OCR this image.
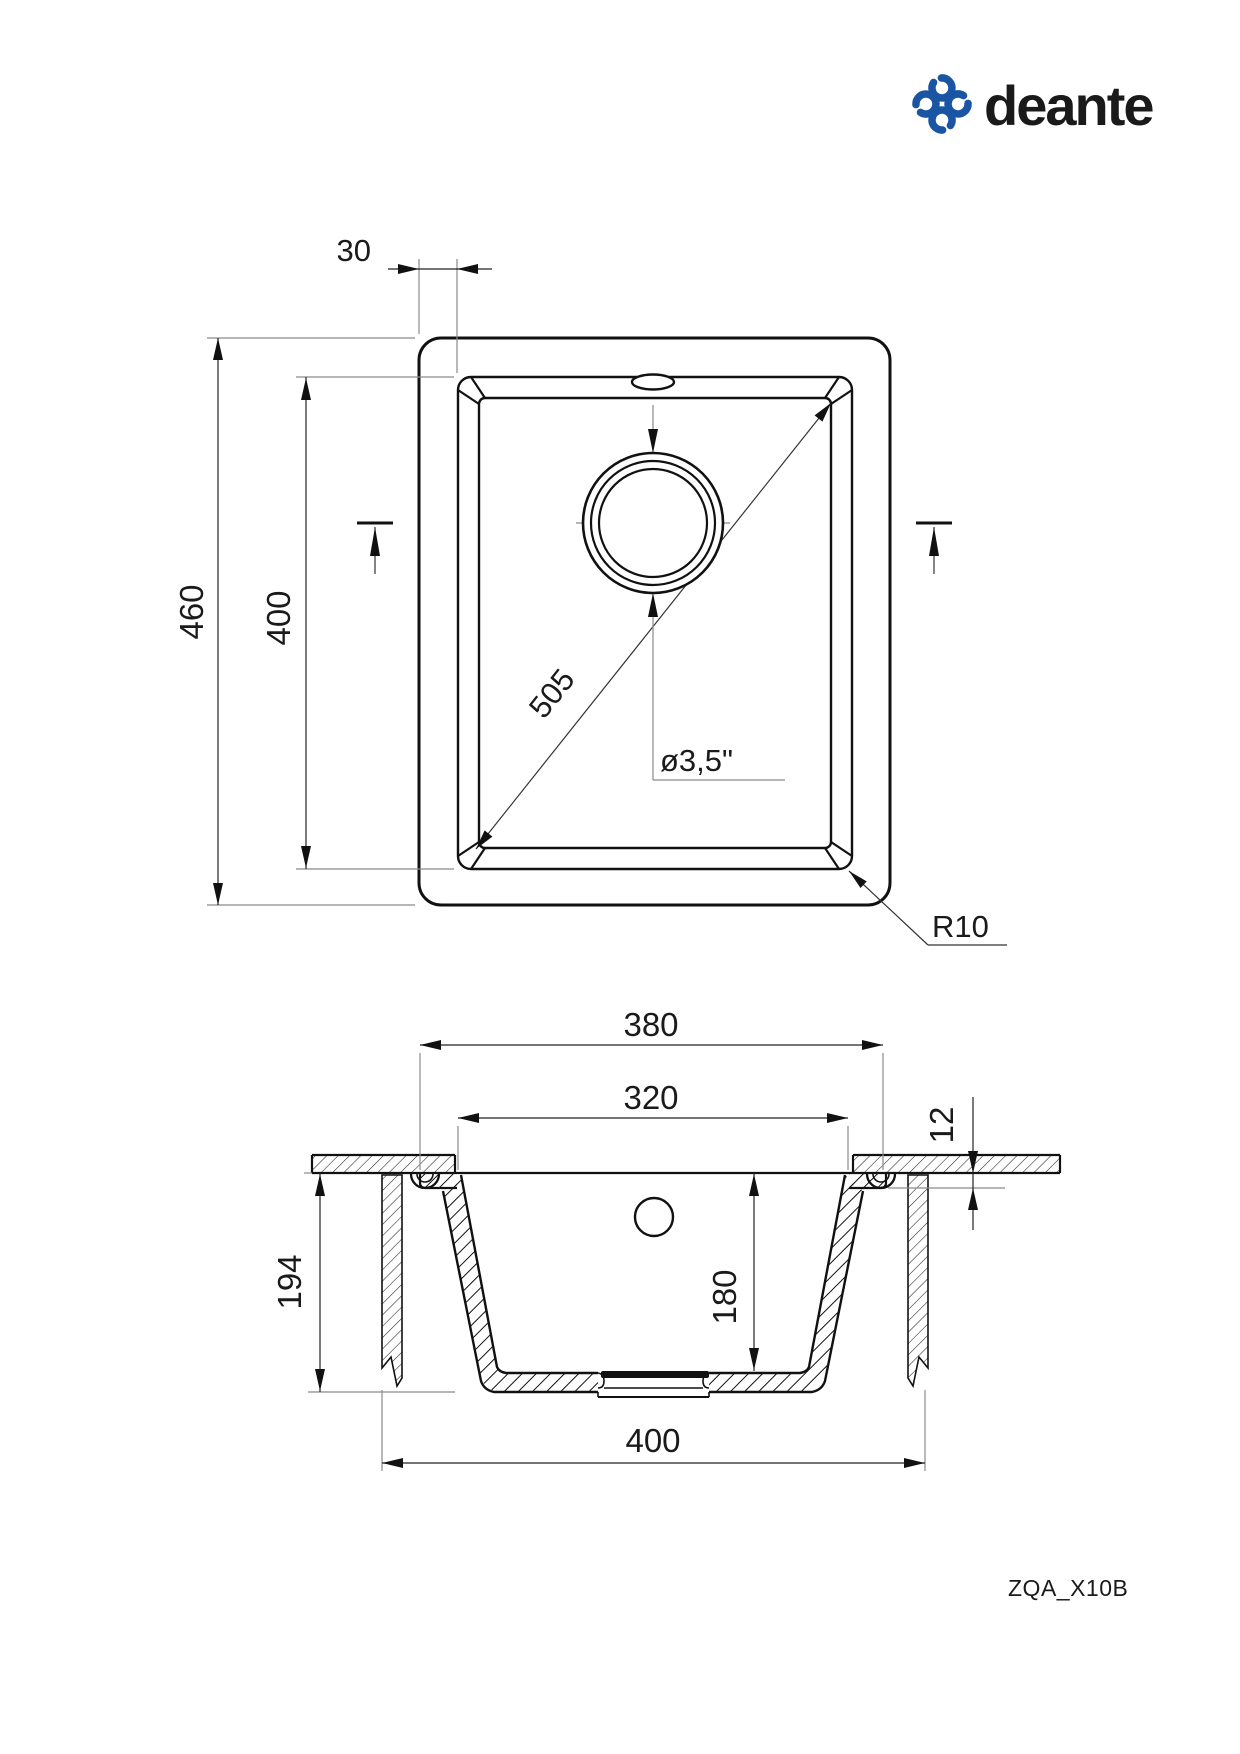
deante
30
460 400
505
ø3,5"
R10
380
320
12
194	180
400
ZQA_X10B
